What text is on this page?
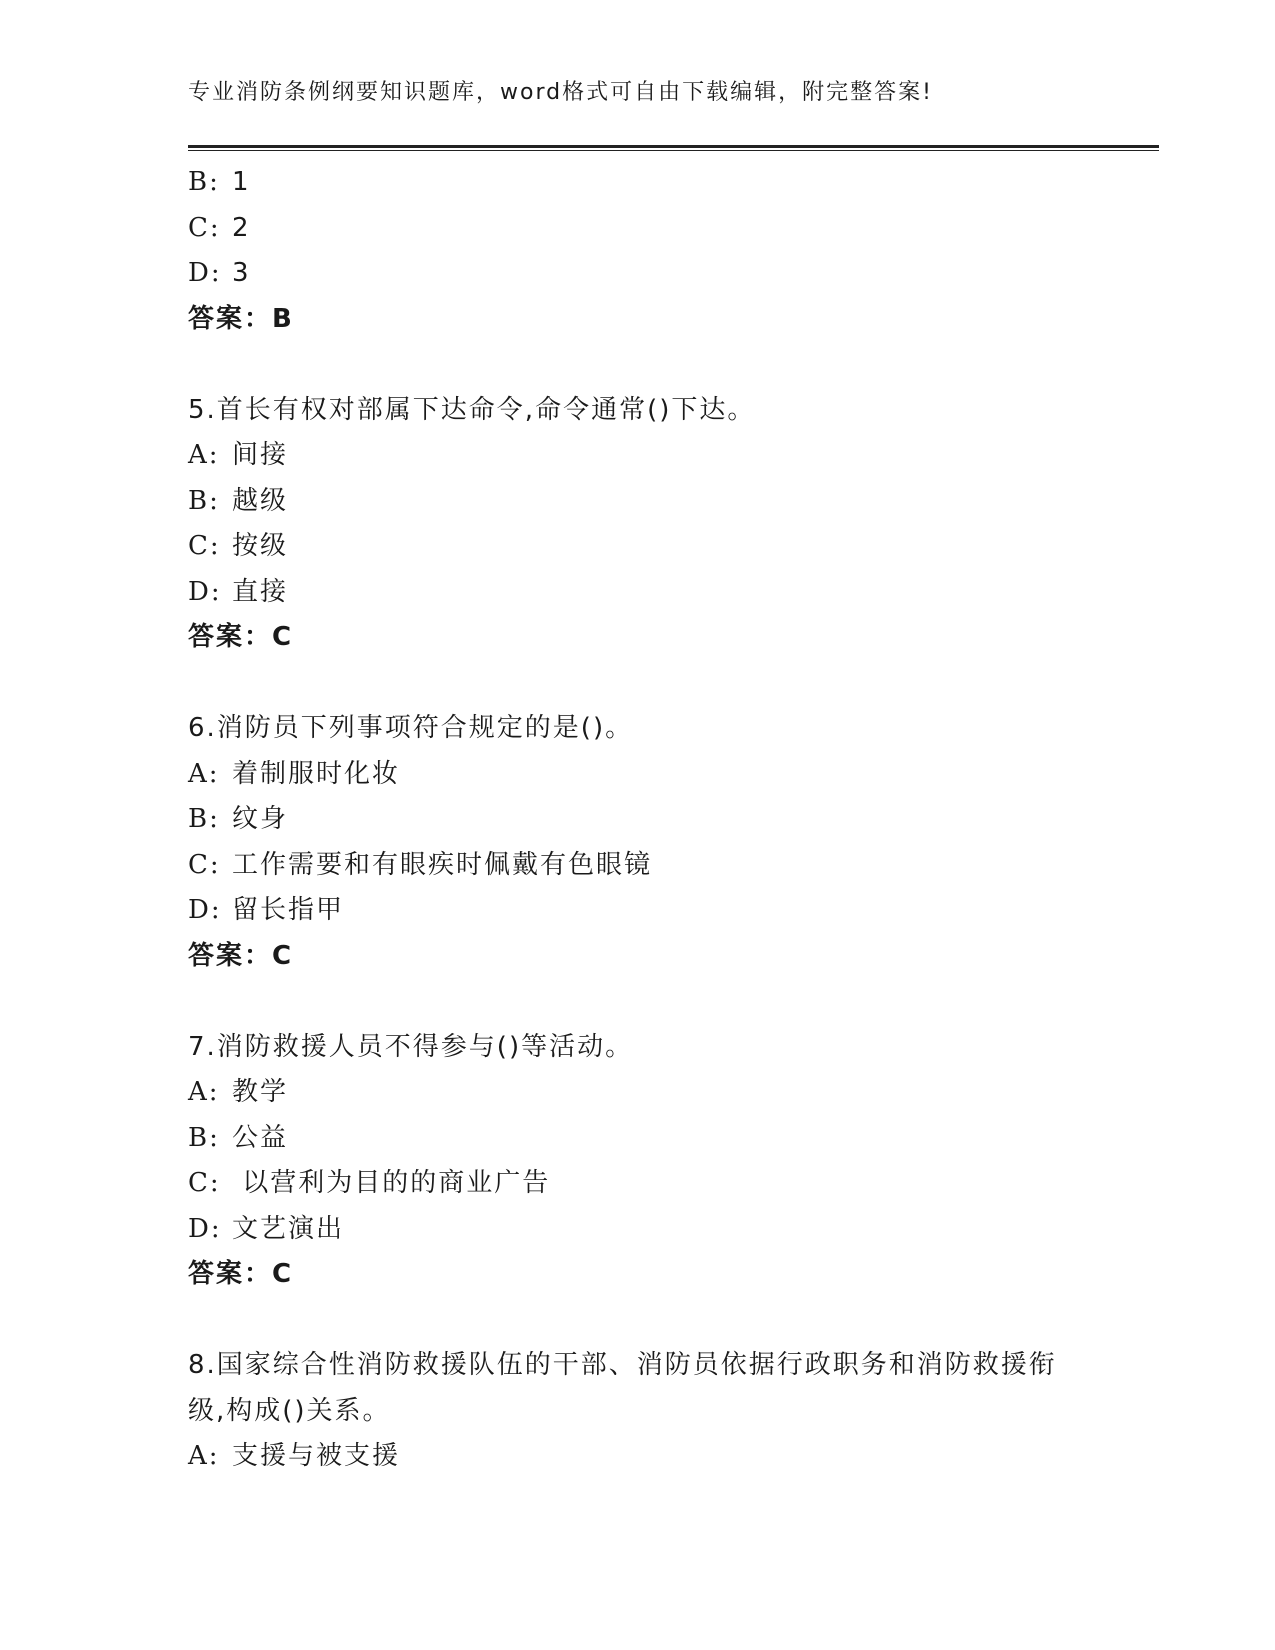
专业消防条例纲要知识题库，word格式可自由下载编辑，附完整答案!
B: 1
C: 2
D: 3
答案：B
5.首长有权对部属下达命令,命令通常()下达。
A: 间接
B: 越级
C: 按级
D: 直接
答案：C
6.消防员下列事项符合规定的是()。
A: 着制服时化妆
B: 纹身
C: 工作需要和有眼疾时佩戴有色眼镜
D: 留长指甲
答案：C
7.消防救援人员不得参与()等活动。
A: 教学
B: 公益
C: 以营利为目的的商业广告
D: 文艺演出
答案：C
8.国家综合性消防救援队伍的干部、消防员依据行政职务和消防救援衔级,构成()关系。
A: 支援与被支援
